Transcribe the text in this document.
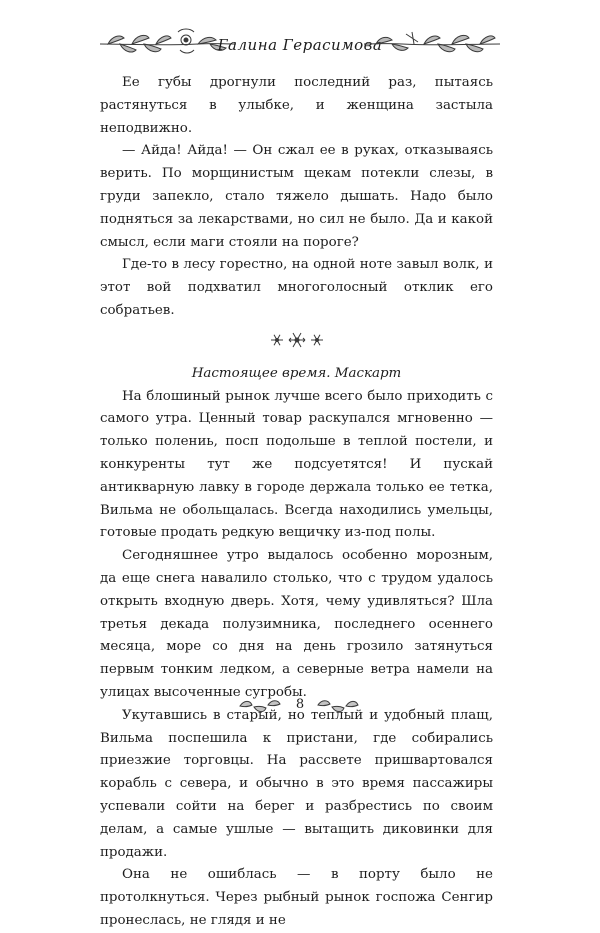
Галина Герасимова

Ее губы дрогнули последний раз, пытаясь растянуться в улыбке, и женщина застыла неподвижно.

— Айда! Айда! — Он сжал ее в руках, отказываясь верить. По морщинистым щекам потекли слезы, в груди запекло, стало тяжело дышать. Надо было подняться за лекарствами, но сил не было. Да и какой смысл, если маги стояли на пороге?

Где-то в лесу горестно, на одной ноте завыл волк, и этот вой подхватил многоголосный отклик его собратьев.

Настоящее время. Маскарт

На блошиный рынок лучше всего было приходить с самого утра. Ценный товар раскупался мгновенно — только полениь, посп подольше в теплой постели, и конкуренты тут же подсуетятся! И пускай антикварную лавку в городе держала только ее тетка, Вильма не обольщалась. Всегда находились умельцы, готовые продать редкую вещичку из-под полы.

Сегодняшнее утро выдалось особенно морозным, да еще снега навалило столько, что с трудом удалось открыть входную дверь. Хотя, чему удивляться? Шла третья декада полузимника, последнего осеннего месяца, море со дня на день грозило затянуться первым тонким ледком, а северные ветра намели на улицах высоченные сугробы.

Укутавшись в старый, но теплый и удобный плащ, Вильма поспешила к пристани, где собирались приезжие торговцы. На рассвете пришвартовался корабль с севера, и обычно в это время пассажиры успевали сойти на берег и разбрестись по своим делам, а самые ушлые — вытащить диковинки для продажи.

Она не ошиблась — в порту было не протолкнуться. Через рыбный рынок госпожа Сенгир пронеслась, не глядя и не

8
